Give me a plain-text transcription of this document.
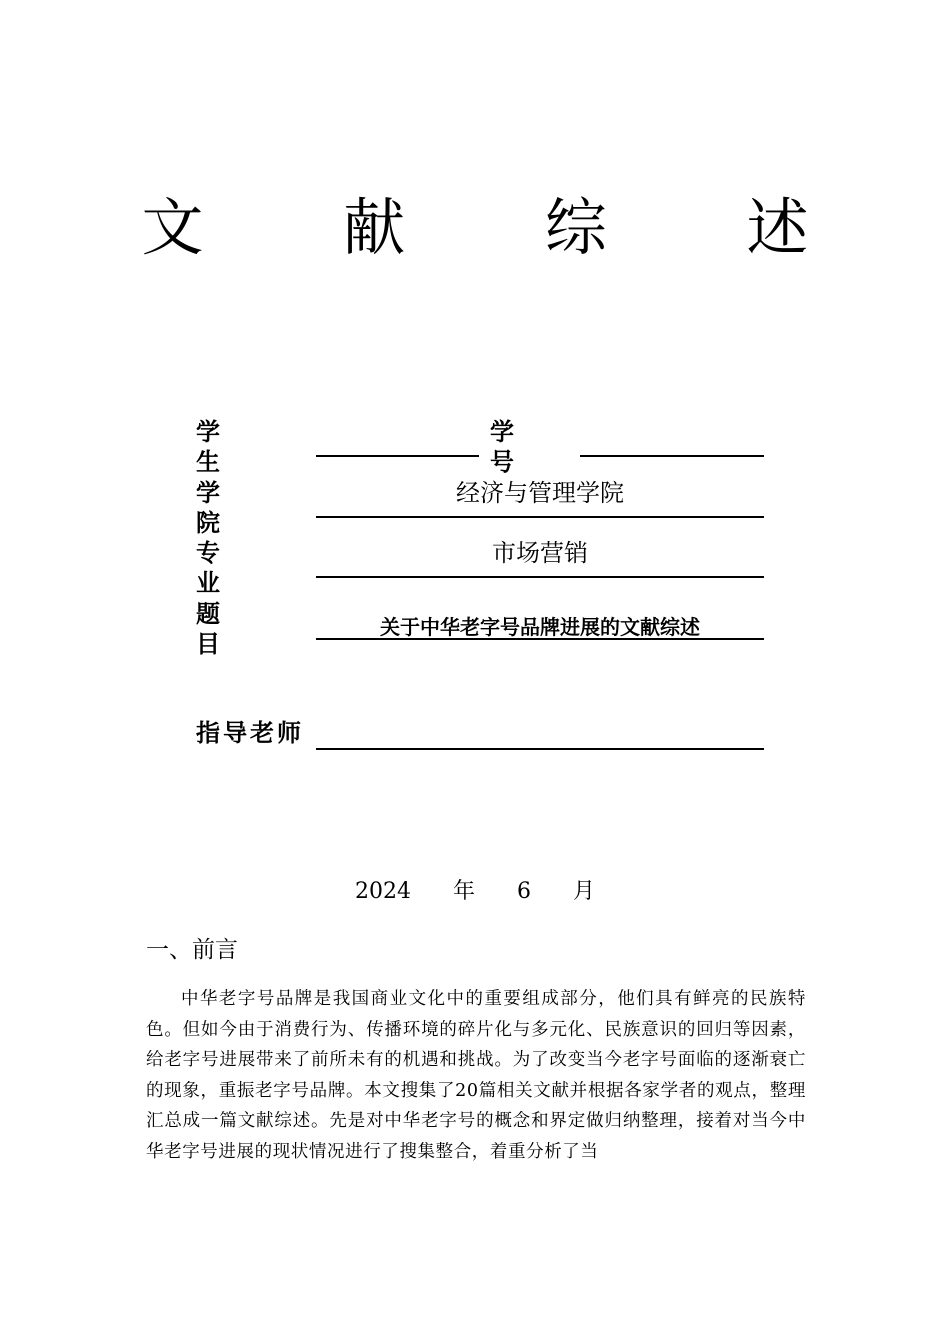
文 献 综 述
学 生
学 号
学 院
经济与管理学院
专 业
市场营销
题 目
关于中华老字号品牌进展的文献综述
指导老师
2024 年 6 月
一、前言
中华老字号品牌是我国商业文化中的重要组成部分，他们具有鲜亮的民族特色。但如今由于消费行为、传播环境的碎片化与多元化、民族意识的回归等因素，给老字号进展带来了前所未有的机遇和挑战。为了改变当今老字号面临的逐渐衰亡的现象，重振老字号品牌。本文搜集了20篇相关文献并根据各家学者的观点，整理汇总成一篇文献综述。先是对中华老字号的概念和界定做归纳整理，接着对当今中华老字号进展的现状情况进行了搜集整合，着重分析了当
